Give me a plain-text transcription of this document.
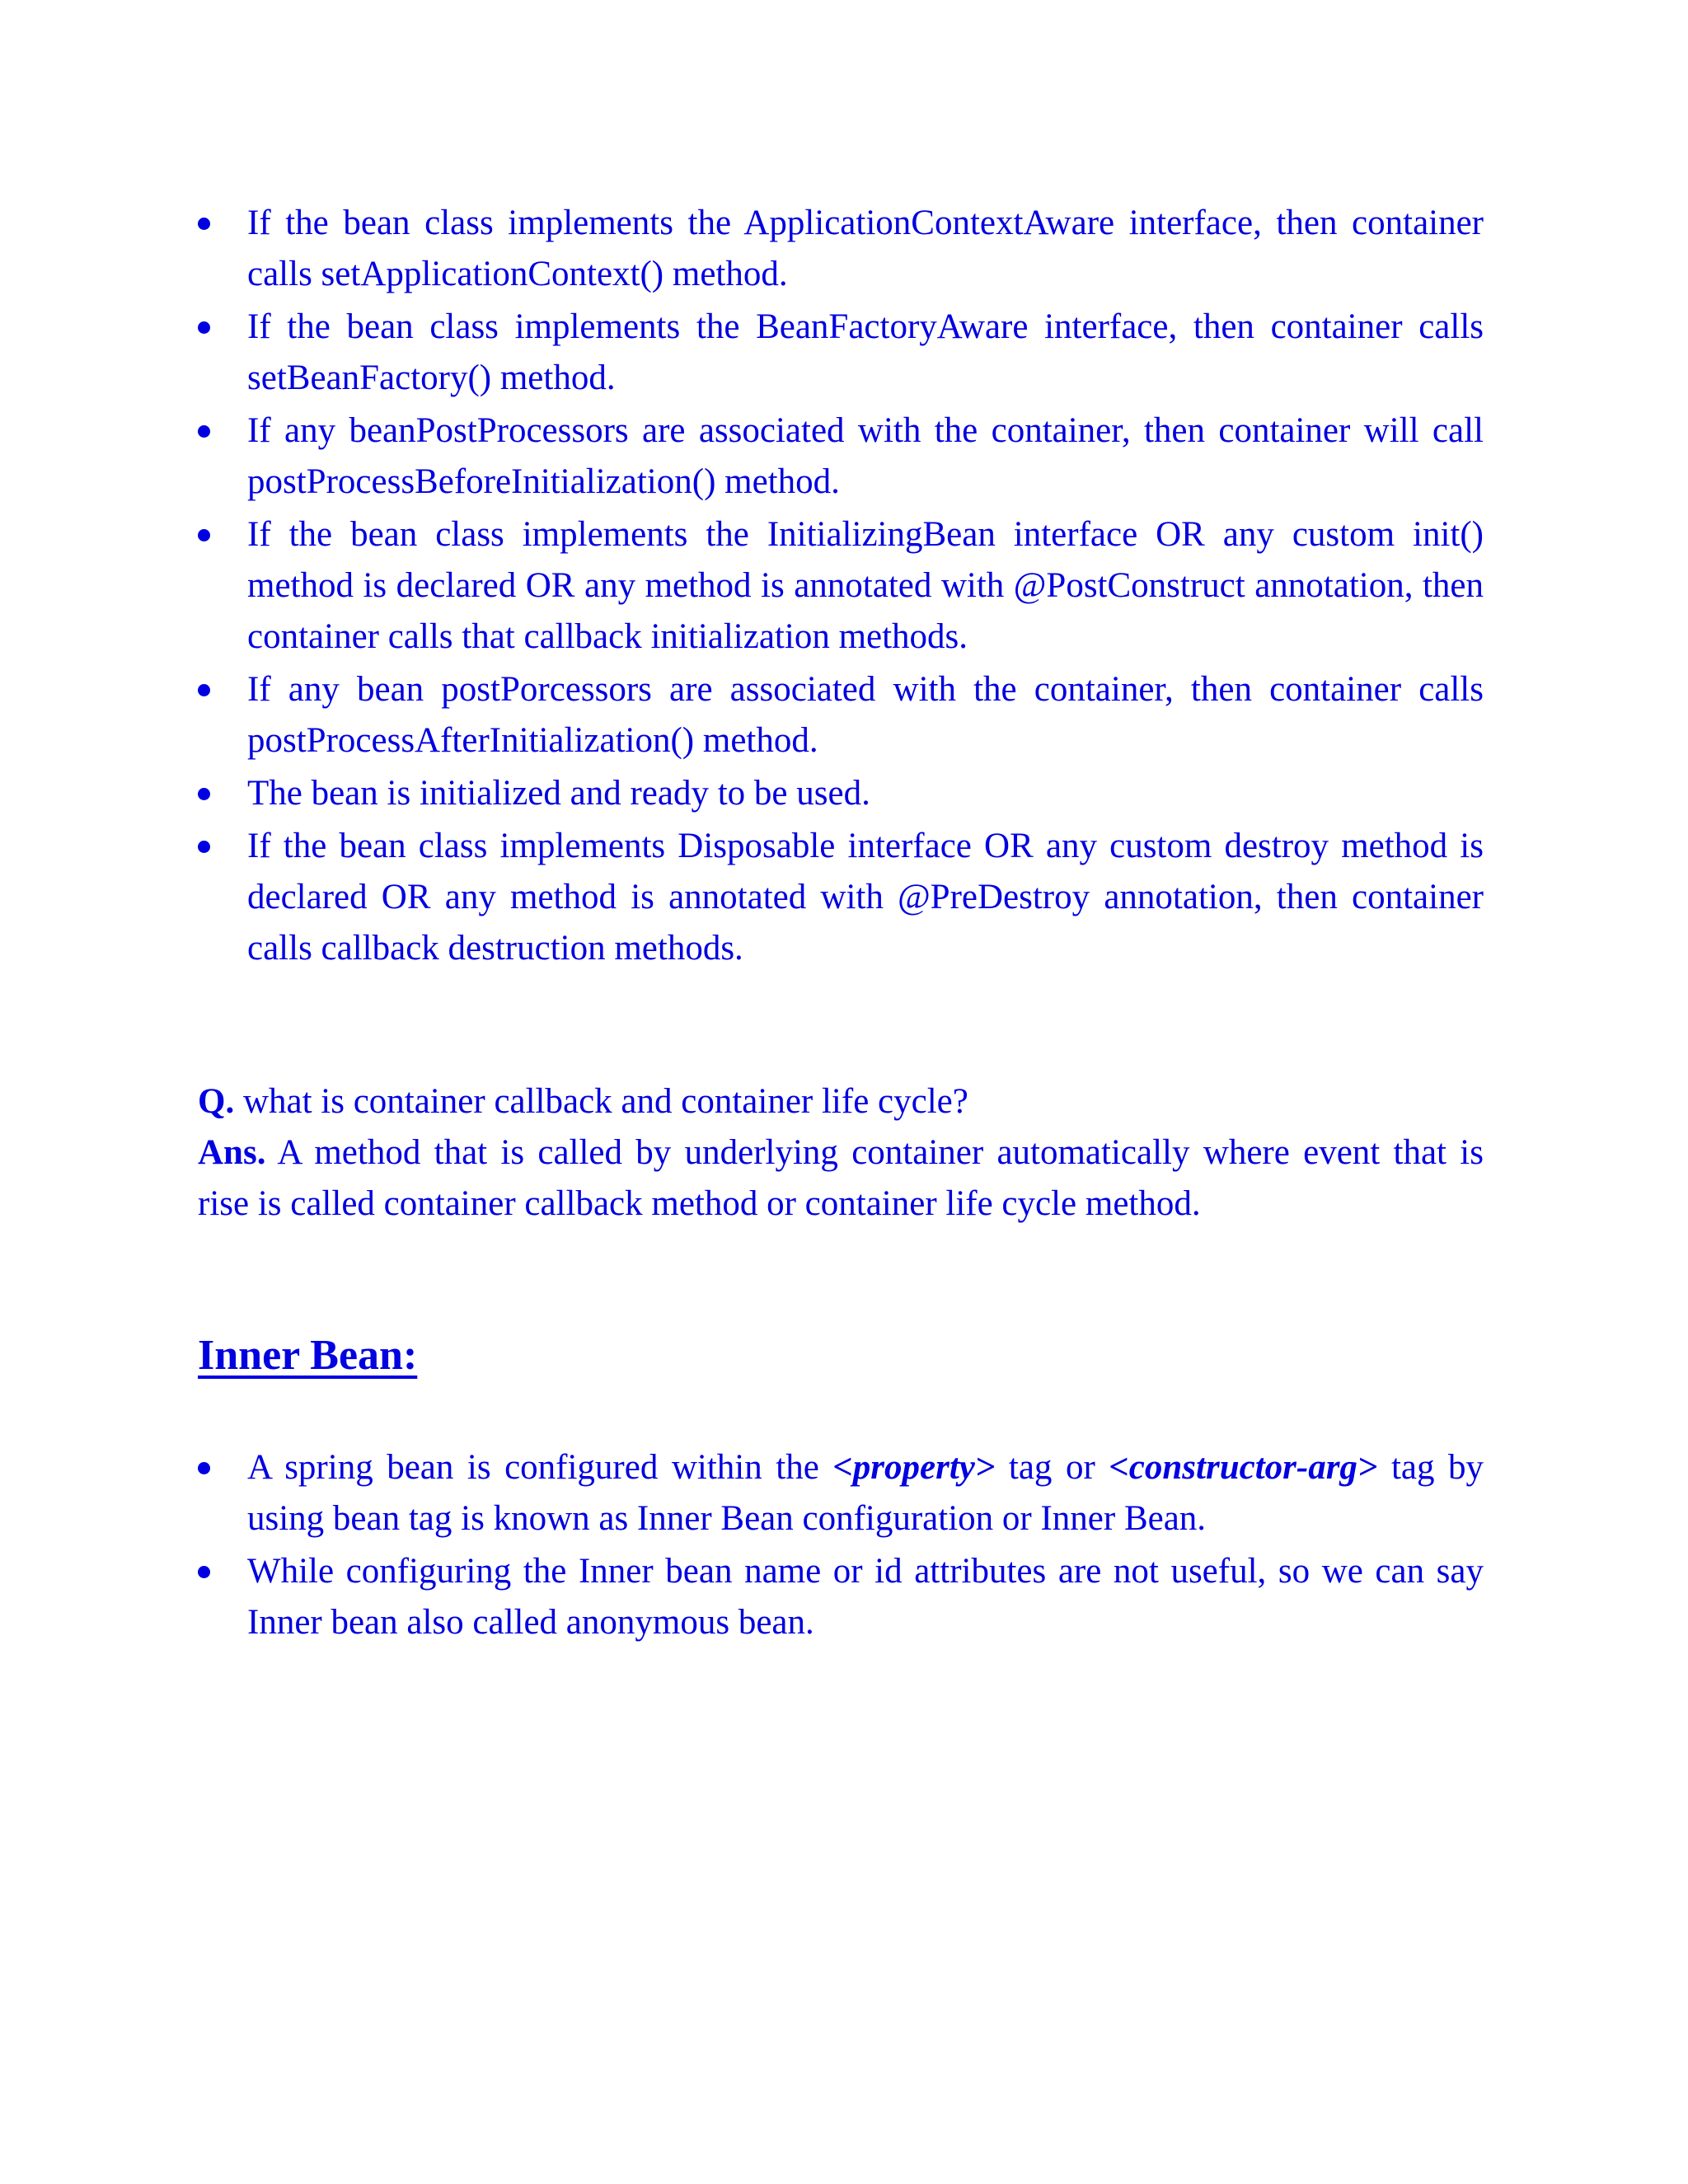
If the bean class implements the ApplicationContextAware interface, then container calls setApplicationContext() method.
If the bean class implements the BeanFactoryAware interface, then container calls setBeanFactory() method.
If any beanPostProcessors are associated with the container, then container will call postProcessBeforeInitialization() method.
If the bean class implements the InitializingBean interface OR any custom init() method is declared OR any method is annotated with @PostConstruct annotation, then container calls that callback initialization methods.
If any bean postPorcessors are associated with the container, then container calls postProcessAfterInitialization() method.
The bean is initialized and ready to be used.
If the bean class implements Disposable interface OR any custom destroy method is declared OR any method is annotated with @PreDestroy annotation, then container calls callback destruction methods.

Q. what is container callback and container life cycle?

Ans. A method that is called by underlying container automatically where event that is rise is called container callback method or container life cycle method.

Inner Bean:
A spring bean is configured within the <property> tag or <constructor-arg> tag by using bean tag is known as Inner Bean configuration or Inner Bean.
While configuring the Inner bean name or id attributes are not useful, so we can say Inner bean also called anonymous bean.
